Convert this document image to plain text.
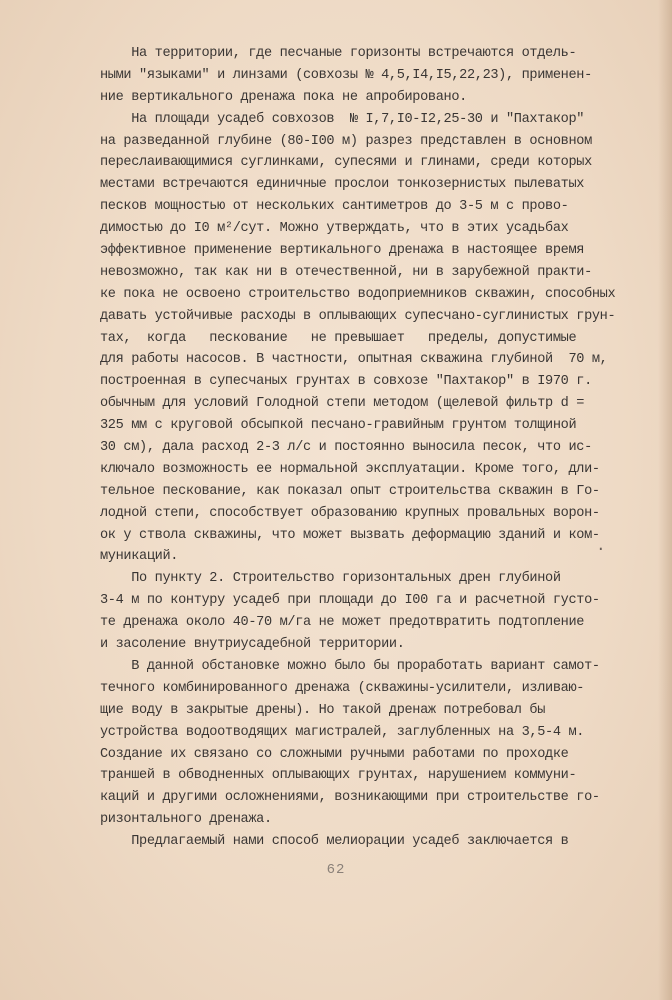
На территории, где песчаные горизонты встречаются отдель-
ными "языками" и линзами (совхозы № 4,5,I4,I5,22,23), применен-
ние вертикального дренажа пока не апробировано.
На площади усадеб совхозов  № I,7,I0-I2,25-30 и "Пахтакор"
на разведанной глубине (80-I00 м) разрез представлен в основном
переслаивающимися суглинками, супесями и глинами, среди которых
местами встречаются единичные прослои тонкозернистых пылеватых
песков мощностью от нескольких сантиметров до 3-5 м с прово-
димостью до I0 м²/сут. Можно утверждать, что в этих усадьбах
эффективное применение вертикального дренажа в настоящее время
невозможно, так как ни в отечественной, ни в зарубежной практи-
ке пока не освоено строительство водоприемников скважин, способных
давать устойчивые расходы в оплывающих супесчано-суглинистых грун-
тах,  когда   пескование   не превышает   пределы, допустимые
для работы насосов. В частности, опытная скважина глубиной  70 м,
построенная в супесчаных грунтах в совхозе "Пахтакор" в I970 г.
обычным для условий Голодной степи методом (щелевой фильтр d =
325 мм с круговой обсыпкой песчано-гравийным грунтом толщиной
30 см), дала расход 2-3 л/с и постоянно выносила песок, что ис-
ключало возможность ее нормальной эксплуатации. Кроме того, дли-
тельное пескование, как показал опыт строительства скважин в Го-
лодной степи, способствует образованию крупных провальных ворон-
ок у ствола скважины, что может вызвать деформацию зданий и ком-
муникаций.
По пункту 2. Строительство горизонтальных дрен глубиной
3-4 м по контуру усадеб при площади до I00 га и расчетной густо-
те дренажа около 40-70 м/га не может предотвратить подтопление
и засоление внутриусадебной территории.
В данной обстановке можно было бы проработать вариант самот-
течного комбинированного дренажа (скважины-усилители, изливаю-
щие воду в закрытые дрены). Но такой дренаж потребовал бы
устройства водоотводящих магистралей, заглубленных на 3,5-4 м.
Создание их связано со сложными ручными работами по проходке
траншей в обводненных оплывающих грунтах, нарушением коммуни-
каций и другими осложнениями, возникающими при строительстве го-
ризонтального дренажа.
Предлагаемый нами способ мелиорации усадеб заключается в
.
62
